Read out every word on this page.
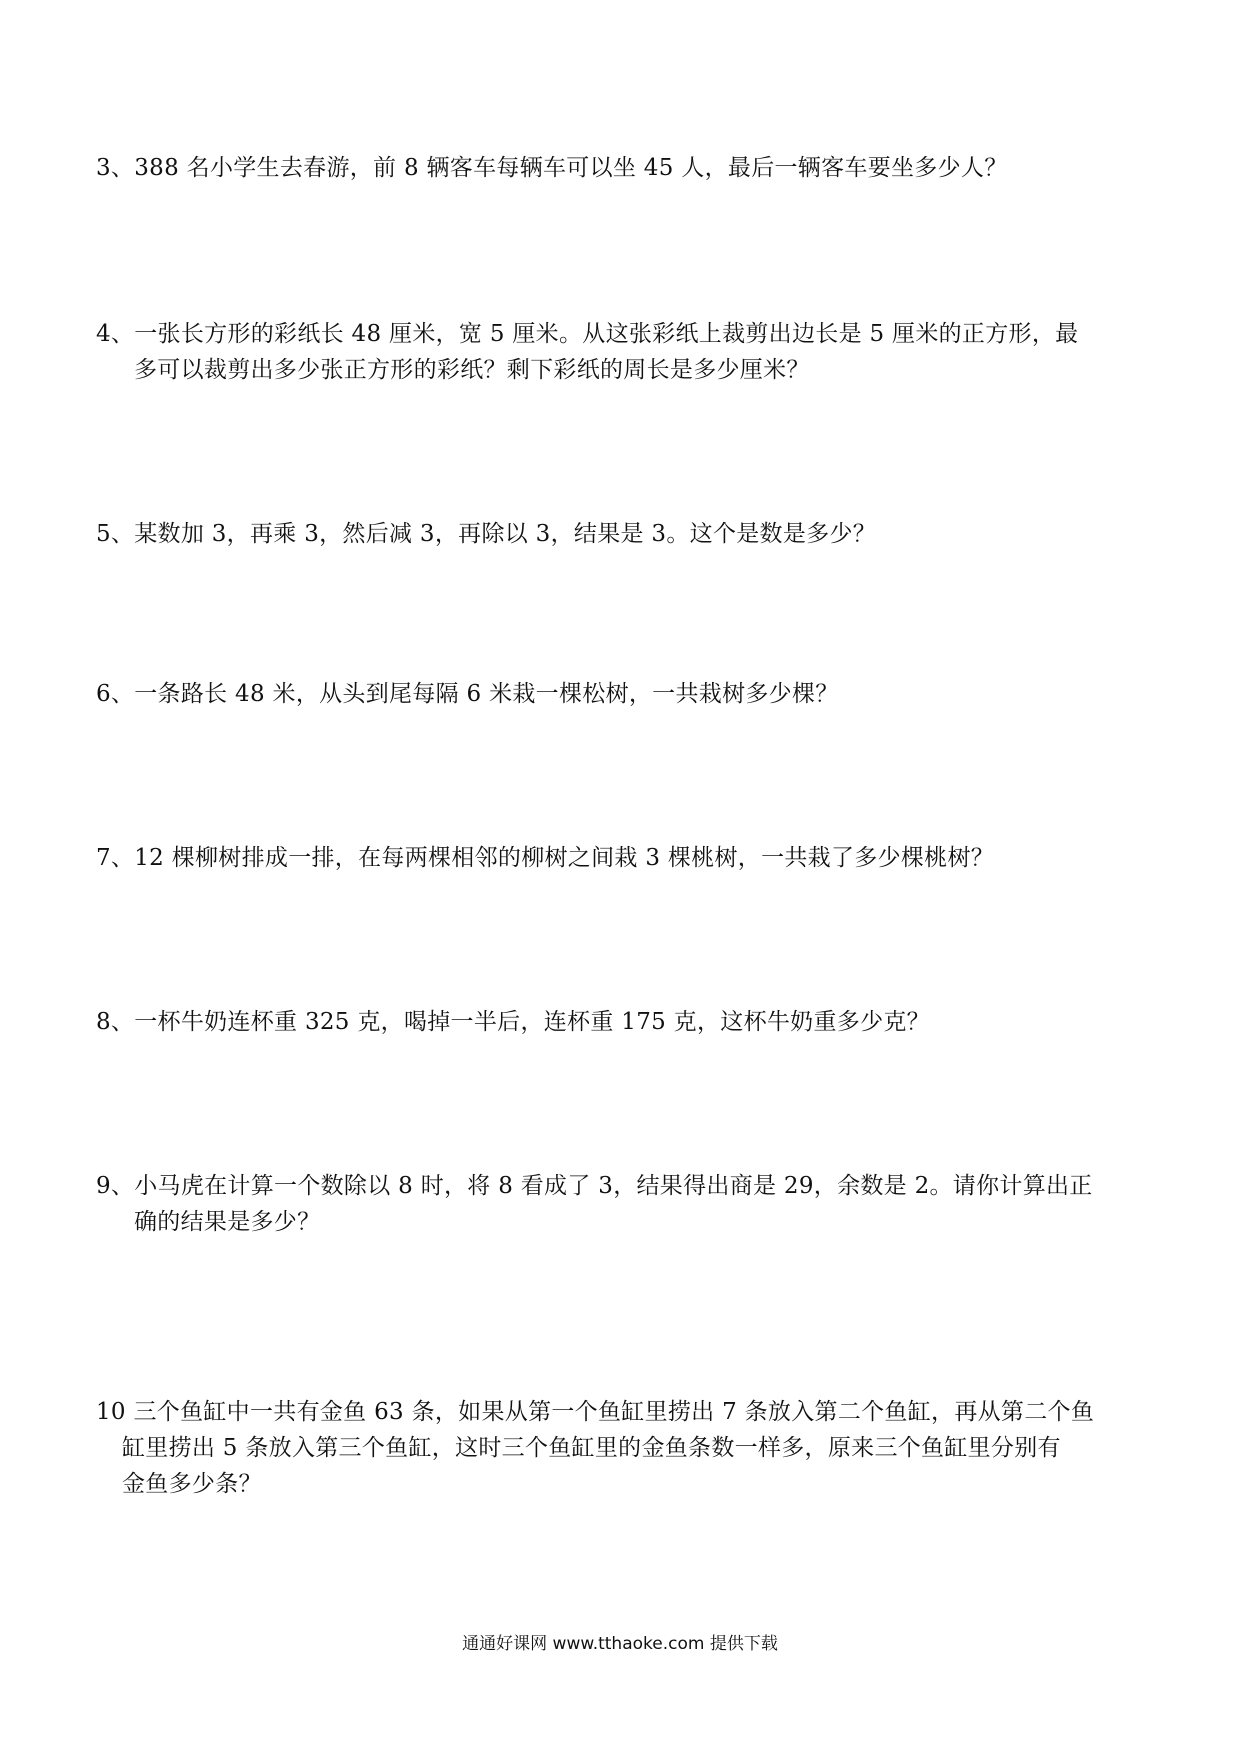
3、388 名小学生去春游，前 8 辆客车每辆车可以坐 45 人，最后一辆客车要坐多少人？
4、一张长方形的彩纸长 48 厘米，宽 5 厘米。从这张彩纸上裁剪出边长是 5 厘米的正方形，最
多可以裁剪出多少张正方形的彩纸？剩下彩纸的周长是多少厘米？
5、某数加 3，再乘 3，然后减 3，再除以 3，结果是 3。这个是数是多少？
6、一条路长 48 米，从头到尾每隔 6 米栽一棵松树，一共栽树多少棵？
7、12 棵柳树排成一排，在每两棵相邻的柳树之间栽 3 棵桃树，一共栽了多少棵桃树？
8、一杯牛奶连杯重 325 克，喝掉一半后，连杯重 175 克，这杯牛奶重多少克？
9、小马虎在计算一个数除以 8 时，将 8 看成了 3，结果得出商是 29，余数是 2。请你计算出正
确的结果是多少？
10 三个鱼缸中一共有金鱼 63 条，如果从第一个鱼缸里捞出 7 条放入第二个鱼缸，再从第二个鱼
缸里捞出 5 条放入第三个鱼缸，这时三个鱼缸里的金鱼条数一样多，原来三个鱼缸里分别有
金鱼多少条？
通通好课网 www.tthaoke.com 提供下载
